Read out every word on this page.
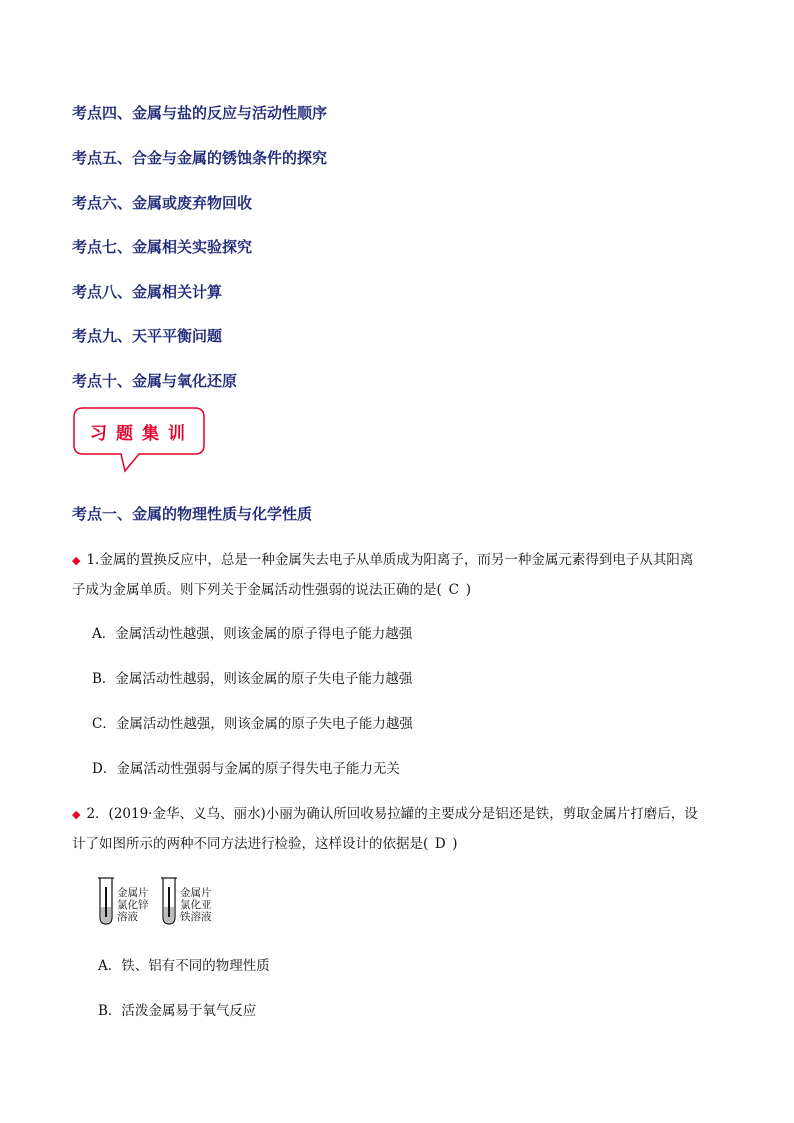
考点四、金属与盐的反应与活动性顺序
考点五、合金与金属的锈蚀条件的探究
考点六、金属或废弃物回收
考点七、金属相关实验探究
考点八、金属相关计算
考点九、天平平衡问题
考点十、金属与氧化还原
习题集训
考点一、金属的物理性质与化学性质
◆ 1.金属的置换反应中，总是一种金属失去电子从单质成为阳离子，而另一种金属元素得到电子从其阳离
子成为金属单质。则下列关于金属活动性强弱的说法正确的是( C )
A．金属活动性越强，则该金属的原子得电子能力越强
B．金属活动性越弱，则该金属的原子失电子能力越强
C．金属活动性越强，则该金属的原子失电子能力越强
D．金属活动性强弱与金属的原子得失电子能力无关
◆ 2．(2019·金华、义乌、丽水)小丽为确认所回收易拉罐的主要成分是铝还是铁，剪取金属片打磨后，设
计了如图所示的两种不同方法进行检验，这样设计的依据是( D )
金属片
氯化锌
溶液
金属片
氯化亚
铁溶液
A．铁、铝有不同的物理性质
B．活泼金属易于氧气反应
